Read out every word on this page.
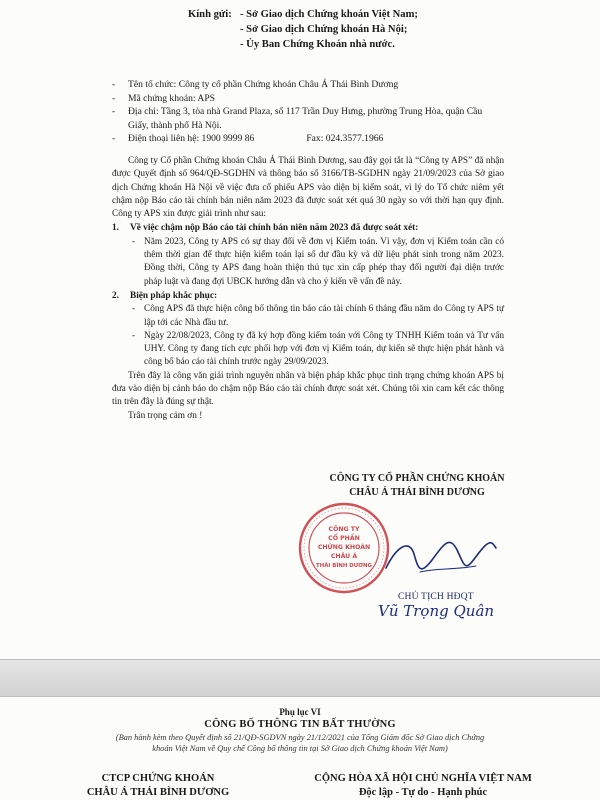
Kính gửi: - Sở Giao dịch Chứng khoán Việt Nam;
- Sở Giao dịch Chứng khoán Hà Nội;
- Ủy Ban Chứng Khoán nhà nước.
-	Tên tổ chức: Công ty cổ phần Chứng khoán Châu Á Thái Bình Dương
-	Mã chứng khoán: APS
-	Địa chỉ: Tầng 3, tòa nhà Grand Plaza, số 117 Trần Duy Hưng, phường Trung Hòa, quận Cầu
Giấy, thành phố Hà Nội.
-	Điện thoại liên hệ: 1900 9999 86	Fax: 024.3577.1966

Công ty Cổ phần Chứng khoán Châu Á Thái Bình Dương, sau đây gọi tắt là “Công ty APS” đã nhận được Quyết định số 964/QĐ-SGDHN và thông báo số 3166/TB-SGDHN ngày 21/09/2023 của Sở giao dịch Chứng khoán Hà Nội về việc đưa cổ phiếu APS vào diện bị kiểm soát, vì lý do Tổ chức niêm yết chậm nộp Báo cáo tài chính bán niên năm 2023 đã được soát xét quá 30 ngày so với thời hạn quy định. Công ty APS xin được giải trình như sau:

1.	Về việc chậm nộp Báo cáo tài chính bán niên năm 2023 đã được soát xét:
- Năm 2023, Công ty APS có sự thay đổi về đơn vị Kiểm toán. Vì vậy, đơn vị Kiểm toán cần có thêm thời gian để thực hiện kiểm toán lại số dư đầu kỳ và dữ liệu phát sinh trong năm 2023. Đồng thời, Công ty APS đang hoàn thiện thủ tục xin cấp phép thay đổi người đại diện trước pháp luật và đang đợi UBCK hướng dẫn và cho ý kiến về vấn đề này.
2.	Biện pháp khắc phục:
- Công APS đã thực hiện công bố thông tin báo cáo tài chính 6 tháng đầu năm do Công ty APS tự lập tới các Nhà đầu tư.
- Ngày 22/08/2023, Công ty đã ký hợp đồng kiểm toán với Công ty TNHH Kiểm toán và Tư vấn UHY. Công ty đang tích cực phối hợp với đơn vị Kiểm toán, dự kiến sẽ thực hiện phát hành và công bố báo cáo tài chính trước ngày 29/09/2023.

Trên đây là công văn giải trình nguyên nhân và biện pháp khắc phục tình trạng chứng khoán APS bị đưa vào diện bị cảnh báo do chậm nộp Báo cáo tài chính được soát xét. Chúng tôi xin cam kết các thông tin trên đây là đúng sự thật.

Trân trọng cảm ơn !

CÔNG TY CỔ PHẦN CHỨNG KHOÁN
CHÂU Á THÁI BÌNH DƯƠNG
CÔNG TY
CỔ PHẦN
CHỨNG KHOÁN
CHÂU Á
THÁI BÌNH DƯƠNG
CHỦ TỊCH HĐQT
Vũ Trọng Quân
Phụ lục VI
CÔNG BỐ THÔNG TIN BẤT THƯỜNG
(Ban hành kèm theo Quyết định số 21/QĐ-SGDVN ngày 21/12/2021 của Tổng Giám đốc Sở Giao dịch Chứng
khoán Việt Nam về Quy chế Công bố thông tin tại Sở Giao dịch Chứng khoán Việt Nam)
CTCP CHỨNG KHOÁN
CHÂU Á THÁI BÌNH DƯƠNG
CỘNG HÒA XÃ HỘI CHỦ NGHĨA VIỆT NAM
Độc lập - Tự do - Hạnh phúc
